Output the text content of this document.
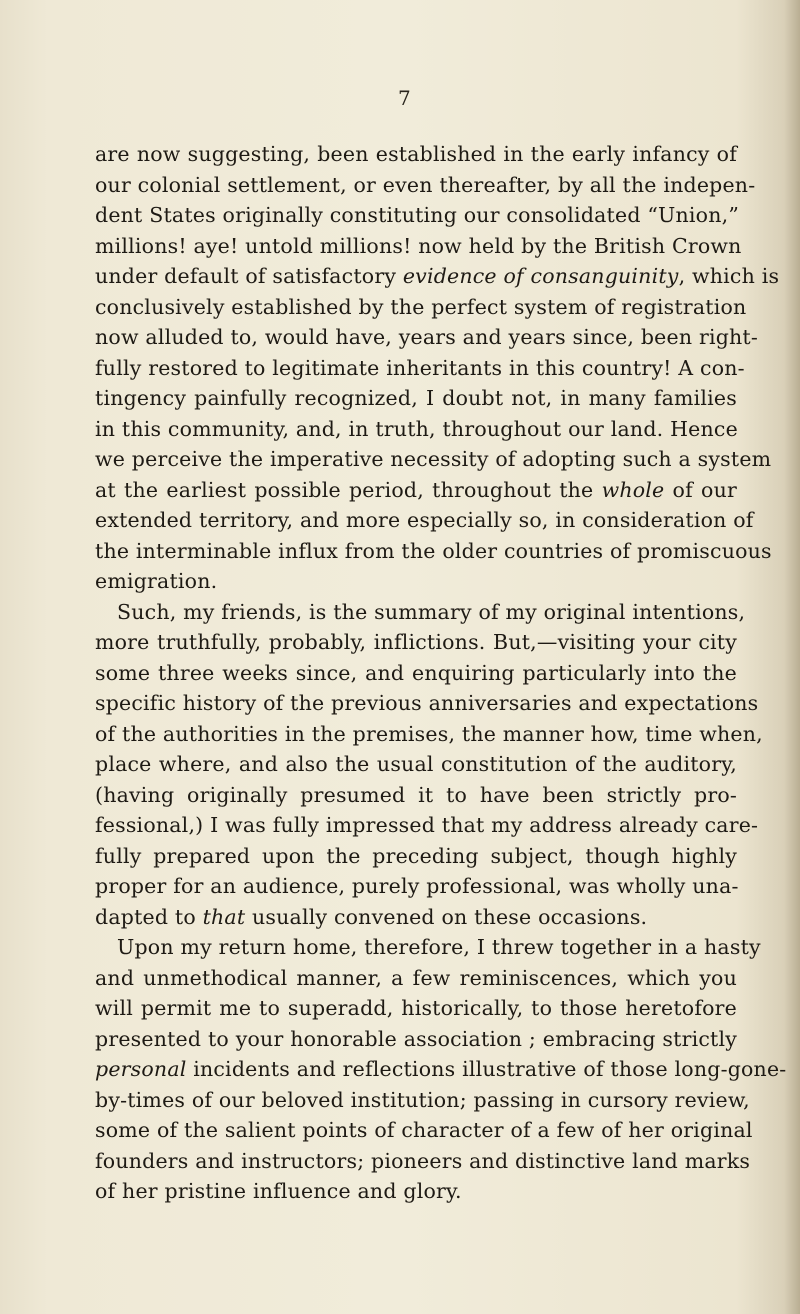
7
are now suggesting, been established in the early infancy of
our colonial settlement, or even thereafter, by all the indepen-
dent States originally constituting our consolidated “Union,”
millions! aye! untold millions! now held by the British Crown
under default of satisfactory evidence of consanguinity, which is
conclusively established by the perfect system of registration
now alluded to, would have, years and years since, been right-
fully restored to legitimate inheritants in this country! A con-
tingency painfully recognized, I doubt not, in many families
in this community, and, in truth, throughout our land. Hence
we perceive the imperative necessity of adopting such a system
at the earliest possible period, throughout the whole of our
extended territory, and more especially so, in consideration of
the interminable influx from the older countries of promiscuous
emigration.
Such, my friends, is the summary of my original intentions,
more truthfully, probably, inflictions. But,—visiting your city
some three weeks since, and enquiring particularly into the
specific history of the previous anniversaries and expectations
of the authorities in the premises, the manner how, time when,
place where, and also the usual constitution of the auditory,
(having originally presumed it to have been strictly pro-
fessional,) I was fully impressed that my address already care-
fully prepared upon the preceding subject, though highly
proper for an audience, purely professional, was wholly una-
dapted to that usually convened on these occasions.
Upon my return home, therefore, I threw together in a hasty
and unmethodical manner, a few reminiscences, which you
will permit me to superadd, historically, to those heretofore
presented to your honorable association ; embracing strictly
personal incidents and reflections illustrative of those long-gone-
by-times of our beloved institution; passing in cursory review,
some of the salient points of character of a few of her original
founders and instructors; pioneers and distinctive land marks
of her pristine influence and glory.
